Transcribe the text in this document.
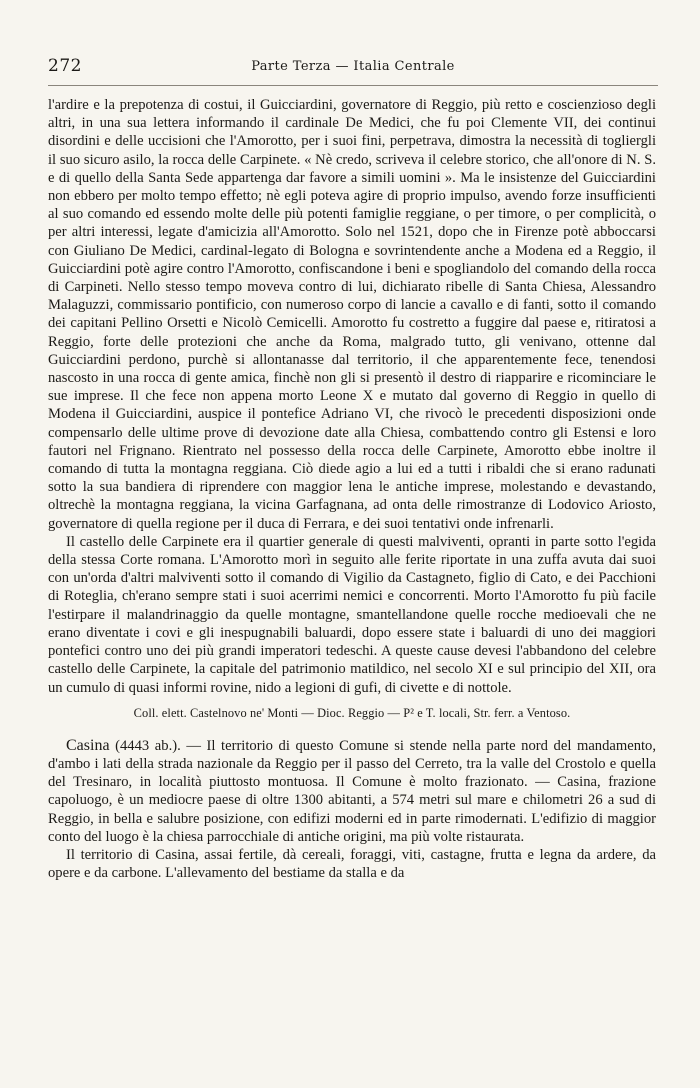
272	Parte Terza — Italia Centrale

l'ardire e la prepotenza di costui, il Guicciardini, governatore di Reggio, più retto e coscienzioso degli altri, in una sua lettera informando il cardinale De Medici, che fu poi Clemente VII, dei continui disordini e delle uccisioni che l'Amorotto, per i suoi fini, perpetrava, dimostra la necessità di togliergli il suo sicuro asilo, la rocca delle Carpinete. « Nè credo, scriveva il celebre storico, che all'onore di N. S. e di quello della Santa Sede appartenga dar favore a simili uomini ». Ma le insistenze del Guicciardini non ebbero per molto tempo effetto; nè egli poteva agire di proprio impulso, avendo forze insufficienti al suo comando ed essendo molte delle più potenti famiglie reggiane, o per timore, o per complicità, o per altri interessi, legate d'amicizia all'Amorotto. Solo nel 1521, dopo che in Firenze potè abboccarsi con Giuliano De Medici, cardinal-legato di Bologna e sovrintendente anche a Modena ed a Reggio, il Guicciardini potè agire contro l'Amorotto, confiscandone i beni e spogliandolo del comando della rocca di Carpineti. Nello stesso tempo moveva contro di lui, dichiarato ribelle di Santa Chiesa, Alessandro Malaguzzi, commissario pontificio, con numeroso corpo di lancie a cavallo e di fanti, sotto il comando dei capitani Pellino Orsetti e Nicolò Cemicelli. Amorotto fu costretto a fuggire dal paese e, ritiratosi a Reggio, forte delle protezioni che anche da Roma, malgrado tutto, gli venivano, ottenne dal Guicciardini perdono, purchè si allontanasse dal territorio, il che apparentemente fece, tenendosi nascosto in una rocca di gente amica, finchè non gli si presentò il destro di riapparire e ricominciare le sue imprese. Il che fece non appena morto Leone X e mutato dal governo di Reggio in quello di Modena il Guicciardini, auspice il pontefice Adriano VI, che rivocò le precedenti disposizioni onde compensarlo delle ultime prove di devozione date alla Chiesa, combattendo contro gli Estensi e loro fautori nel Frignano. Rientrato nel possesso della rocca delle Carpinete, Amorotto ebbe inoltre il comando di tutta la montagna reggiana. Ciò diede agio a lui ed a tutti i ribaldi che si erano radunati sotto la sua bandiera di riprendere con maggior lena le antiche imprese, molestando e devastando, oltrechè la montagna reggiana, la vicina Garfagnana, ad onta delle rimostranze di Lodovico Ariosto, governatore di quella regione per il duca di Ferrara, e dei suoi tentativi onde infrenarli.

Il castello delle Carpinete era il quartier generale di questi malviventi, opranti in parte sotto l'egida della stessa Corte romana. L'Amorotto morì in seguito alle ferite riportate in una zuffa avuta dai suoi con un'orda d'altri malviventi sotto il comando di Vigilio da Castagneto, figlio di Cato, e dei Pacchioni di Roteglia, ch'erano sempre stati i suoi acerrimi nemici e concorrenti. Morto l'Amorotto fu più facile l'estirpare il malandrinaggio da quelle montagne, smantellandone quelle rocche medioevali che ne erano diventate i covi e gli inespugnabili baluardi, dopo essere state i baluardi di uno dei maggiori pontefici contro uno dei più grandi imperatori tedeschi. A queste cause devesi l'abbandono del celebre castello delle Carpinete, la capitale del patrimonio matildico, nel secolo XI e sul principio del XII, ora un cumulo di quasi informi rovine, nido a legioni di gufi, di civette e di nottole.

Coll. elett. Castelnovo ne' Monti — Dioc. Reggio — P² e T. locali, Str. ferr. a Ventoso.

Casina (4443 ab.). — Il territorio di questo Comune si stende nella parte nord del mandamento, d'ambo i lati della strada nazionale da Reggio per il passo del Cerreto, tra la valle del Crostolo e quella del Tresinaro, in località piuttosto montuosa. Il Comune è molto frazionato. — Casina, frazione capoluogo, è un mediocre paese di oltre 1300 abitanti, a 574 metri sul mare e chilometri 26 a sud di Reggio, in bella e salubre posizione, con edifizi moderni ed in parte rimodernati. L'edifizio di maggior conto del luogo è la chiesa parrocchiale di antiche origini, ma più volte ristaurata.

Il territorio di Casina, assai fertile, dà cereali, foraggi, viti, castagne, frutta e legna da ardere, da opere e da carbone. L'allevamento del bestiame da stalla e da
